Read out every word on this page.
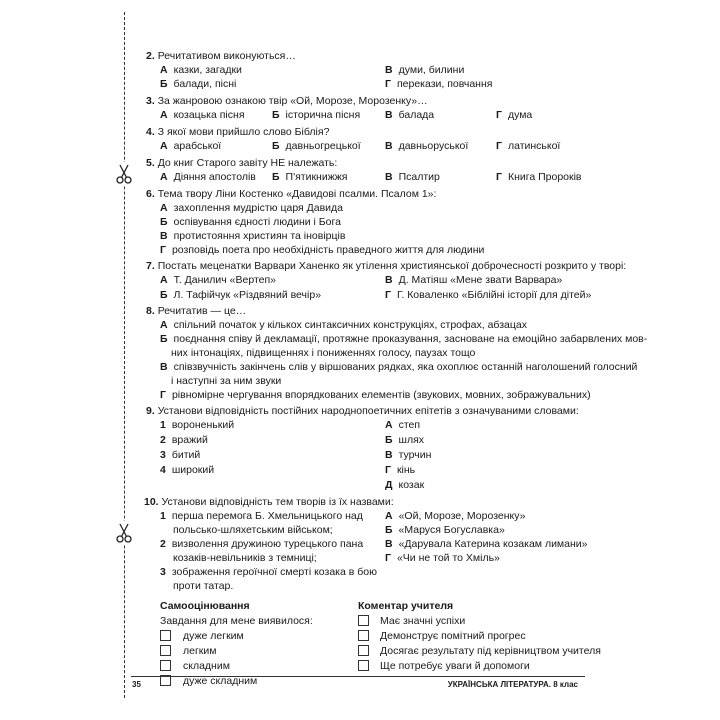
2. Речитативом виконуються…
А казки, загадки	В думи, билини
Б балади, пісні	Г перекази, повчання
3. За жанровою ознакою твір «Ой, Морозе, Морозенку»…
А козацька пісня	Б історична пісня В балада	Г дума
4. З якої мови прийшло слово Біблія?
А арабської	Б давньогрецької В давньоруської	Г латинської
5. До книг Старого завіту НЕ належать:
А Діяння апостолів Б П'ятикнижжя	В Псалтир	Г Книга Пророків
6. Тема твору Ліни Костенко «Давидові псалми. Псалом 1»:
А захоплення мудрістю царя Давида
Б оспівування єдності людини і Бога
В протистояння християн та іновірців
Г розповідь поета про необхідність праведного життя для людини
7. Постать меценатки Варвари Ханенко як утілення християнської доброчесності розкрито у творі:
А Т. Данилич «Вертеп»	В Д. Матіяш «Мене звати Варвара»
Б Л. Тафійчук «Різдвяний вечір»	Г Г. Коваленко «Біблійні історії для дітей»
8. Речитатив — це…
А спільний початок у кількох синтаксичних конструкціях, строфах, абзацах
Б поєднання співу й декламації, протяжне проказування, засноване на емоційно забарвлених мов-
них інтонаціях, підвищеннях і пониженнях голосу, паузах тощо
В співзвучність закінчень слів у віршованих рядках, яка охоплює останній наголошений голосний
і наступні за ним звуки
Г рівномірне чергування впорядкованих елементів (звукових, мовних, зображувальних)
9. Установи відповідність постійних народнопоетичних епітетів з означуваними словами:
1 вороненький
2 вражий
3 битий
4 широкий
А степ
Б шлях
В турчин
Г кінь
Д козак
10. Установи відповідність тем творів із їх назвами:
1 перша перемога Б. Хмельницького над
польсько-шляхетським військом;
2 визволення дружиною турецького пана
козаків-невільників з темниці;
3 зображення героїчної смерті козака в бою
проти татар.
А «Ой, Морозе, Морозенку»
Б «Маруся Богуславка»
В «Дарувала Катерина козакам лимани»
Г «Чи не той то Хміль»
Самооцінювання
Завдання для мене виявилося:
дуже легким
легким
складним
дуже складним
Коментар учителя
Має значні успіхи
Демонструє помітний прогрес
Досягає результату під керівництвом учителя
Ще потребує уваги й допомоги
35	УКРАЇНСЬКА ЛІТЕРАТУРА. 8 клас
